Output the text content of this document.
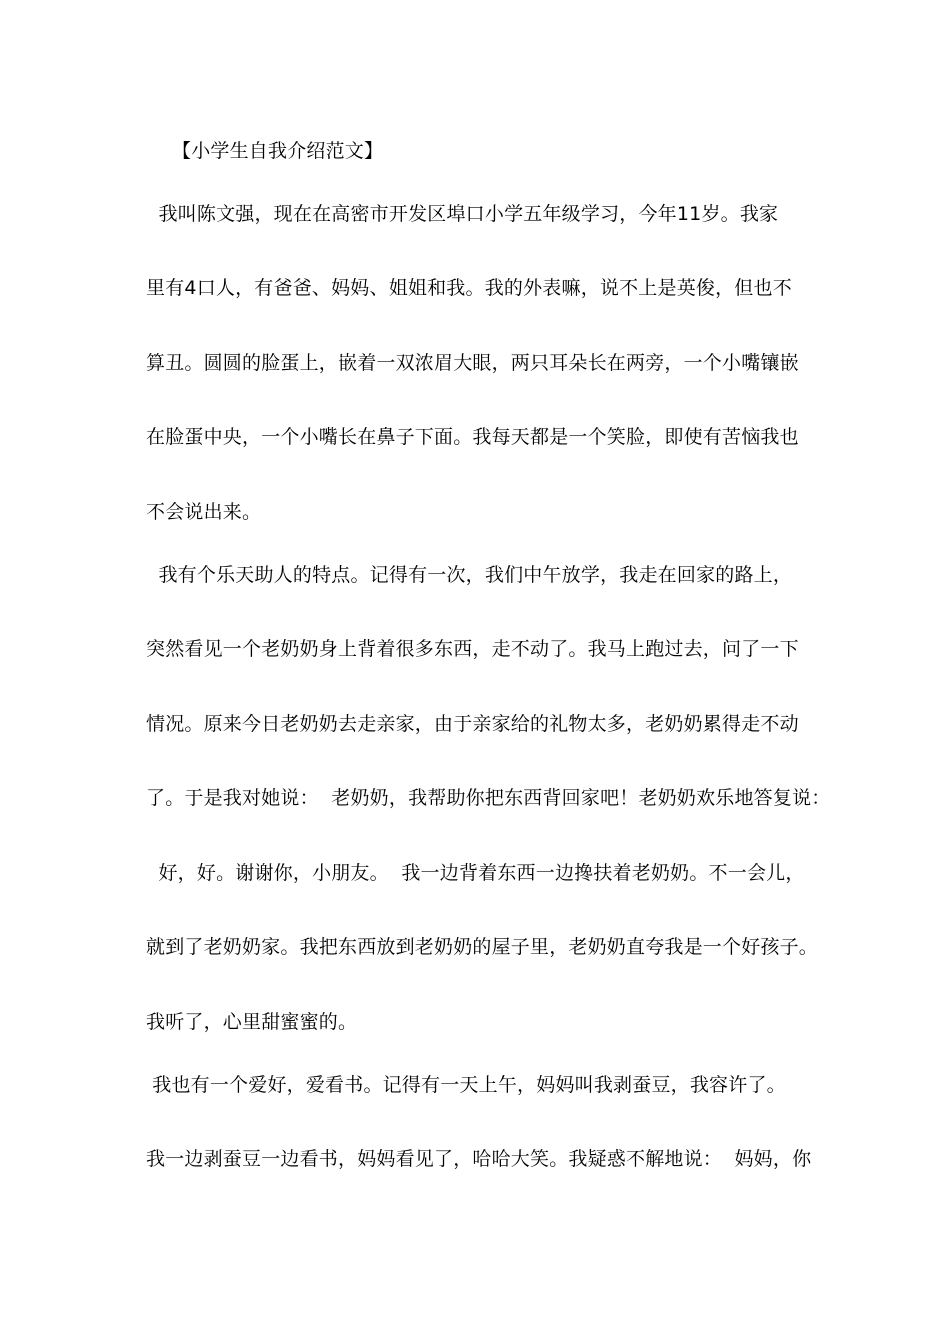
【小学生自我介绍范文】
我叫陈文强，现在在高密市开发区埠口小学五年级学习，今年11岁。我家
里有4口人，有爸爸、妈妈、姐姐和我。我的外表嘛，说不上是英俊，但也不
算丑。圆圆的脸蛋上，嵌着一双浓眉大眼，两只耳朵长在两旁，一个小嘴镶嵌
在脸蛋中央，一个小嘴长在鼻子下面。我每天都是一个笑脸，即使有苦恼我也
不会说出来。
我有个乐天助人的特点。记得有一次，我们中午放学，我走在回家的路上，
突然看见一个老奶奶身上背着很多东西，走不动了。我马上跑过去，问了一下
情况。原来今日老奶奶去走亲家，由于亲家给的礼物太多，老奶奶累得走不动
了。于是我对她说：  老奶奶，我帮助你把东西背回家吧！老奶奶欢乐地答复说：
好，好。谢谢你，小朋友。  我一边背着东西一边搀扶着老奶奶。不一会儿，
就到了老奶奶家。我把东西放到老奶奶的屋子里，老奶奶直夸我是一个好孩子。
我听了，心里甜蜜蜜的。
我也有一个爱好，爱看书。记得有一天上午，妈妈叫我剥蚕豆，我容许了。
我一边剥蚕豆一边看书，妈妈看见了，哈哈大笑。我疑惑不解地说：  妈妈，你
